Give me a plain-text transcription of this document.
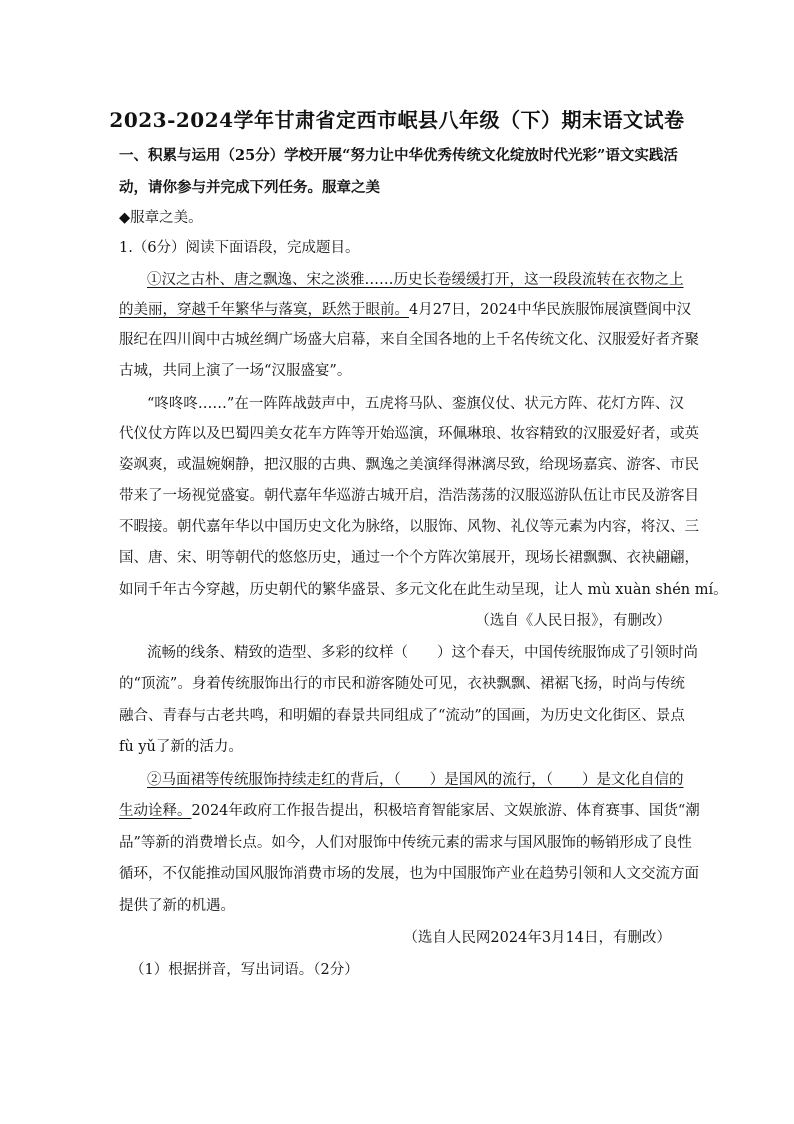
2023-2024学年甘肃省定西市岷县八年级（下）期末语文试卷
一、积累与运用（25分）学校开展“努力让中华优秀传统文化绽放时代光彩”语文实践活
动，请你参与并完成下列任务。服章之美
◆服章之美。
1.（6分）阅读下面语段，完成题目。
①汉之古朴、唐之飘逸、宋之淡雅……历史长卷缓缓打开，这一段段流转在衣物之上
的美丽，穿越千年繁华与落寞，跃然于眼前。4月27日，2024中华民族服饰展演暨阆中汉
服纪在四川阆中古城丝绸广场盛大启幕，来自全国各地的上千名传统文化、汉服爱好者齐聚
古城，共同上演了一场“汉服盛宴”。
“咚咚咚……”在一阵阵战鼓声中，五虎将马队、銮旗仪仗、状元方阵、花灯方阵、汉
代仪仗方阵以及巴蜀四美女花车方阵等开始巡演，环佩琳琅、妆容精致的汉服爱好者，或英
姿飒爽，或温婉娴静，把汉服的古典、飘逸之美演绎得淋漓尽致，给现场嘉宾、游客、市民
带来了一场视觉盛宴。朝代嘉年华巡游古城开启，浩浩荡荡的汉服巡游队伍让市民及游客目
不暇接。朝代嘉年华以中国历史文化为脉络，以服饰、风物、礼仪等元素为内容，将汉、三
国、唐、宋、明等朝代的悠悠历史，通过一个个方阵次第展开，现场长裙飘飘、衣袂翩翩，
如同千年古今穿越，历史朝代的繁华盛景、多元文化在此生动呈现，让人 mù xuàn shén mí。
（选自《人民日报》，有删改）
流畅的线条、精致的造型、多彩的纹样（　　）这个春天，中国传统服饰成了引领时尚
的“顶流”。身着传统服饰出行的市民和游客随处可见，衣袂飘飘、裙裾飞扬，时尚与传统
融合、青春与古老共鸣，和明媚的春景共同组成了“流动”的国画，为历史文化街区、景点
fù yǔ了新的活力。
②马面裙等传统服饰持续走红的背后，（　　）是国风的流行，（　　）是文化自信的
生动诠释。2024年政府工作报告提出，积极培育智能家居、文娱旅游、体育赛事、国货“潮
品”等新的消费增长点。如今，人们对服饰中传统元素的需求与国风服饰的畅销形成了良性
循环，不仅能推动国风服饰消费市场的发展，也为中国服饰产业在趋势引领和人文交流方面
提供了新的机遇。
（选自人民网2024年3月14日，有删改）
（1）根据拼音，写出词语。（2分）
